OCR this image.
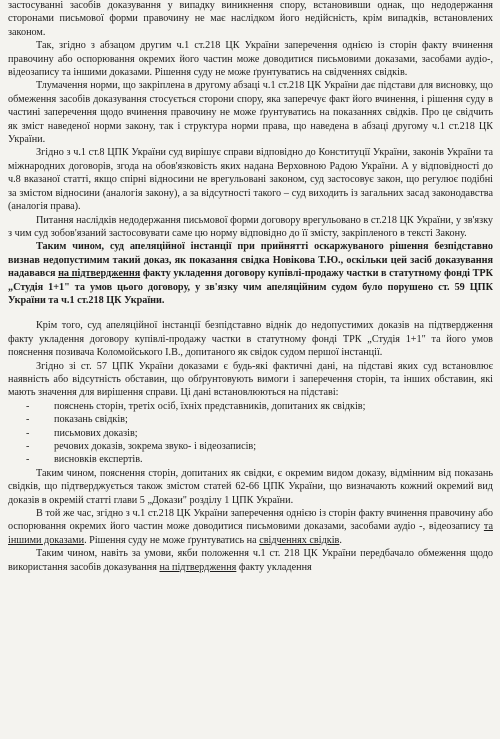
застосуванні засобів доказування у випадку виникнення спору, встановивши однак, що недодержання сторонами письмової форми правочину не має наслідком його недійсність, крім випадків, встановлених законом.

Так, згідно з абзацом другим ч.1 ст.218 ЦК України заперечення однією із сторін факту вчинення правочину або оспорювання окремих його частин може доводитися письмовими доказами, засобами аудіо-, відеозапису та іншими доказами. Рішення суду не може ґрунтуватись на свідченнях свідків.

Тлумачення норми, що закріплена в другому абзаці ч.1 ст.218 ЦК України дає підстави для висновку, що обмеження засобів доказування стосується сторони спору, яка заперечує факт його вчинення, і рішення суду в частині заперечення щодо вчинення правочину не може ґрунтуватись на показаннях свідків. Про це свідчить як зміст наведеної норми закону, так і структура норми права, що наведена в абзаці другому ч.1 ст.218 ЦК України.

Згідно з ч.1 ст.8 ЦПК України суд вирішує справи відповідно до Конституції України, законів України та міжнародних договорів, згода на обов'язковість яких надана Верховною Радою України. А у відповідності до ч.8 вказаної статті, якщо спірні відносини не врегульовані законом, суд застосовує закон, що регулює подібні за змістом відносини (аналогія закону), а за відсутності такого – суд виходить із загальних засад законодавства (аналогія права).

Питання наслідків недодержання письмової форми договору врегульовано в ст.218 ЦК України, у зв'язку з чим суд зобов'язаний застосовувати саме цю норму відповідно до її змісту, закріпленого в тексті Закону.

Таким чином, суд апеляційної інстанції при прийнятті оскаржуваного рішення безпідставно визнав недопустимим такий доказ, як показання свідка Новікова Т.Ю., оскільки цей засіб доказування надавався на підтвердження факту укладення договору купівлі-продажу частки в статутному фонді ТРК „Студія 1+1" та умов цього договору, у зв'язку чим апеляційним судом було порушено ст. 59 ЦПК України та ч.1 ст.218 ЦК України.

Крім того, суд апеляційної інстанції безпідставно віднік до недопустимих доказів на підтвердження факту укладення договору купівлі-продажу частки в статутному фонді ТРК „Студія 1+1" та його умов пояснення позивача Коломойського І.В., допитаного як свідок судом першої інстанції.

Згідно зі ст. 57 ЦПК України доказами є будь-які фактичні дані, на підставі яких суд встановлює наявність або відсутність обставин, що обґрунтовують вимоги і заперечення сторін, та інших обставин, які мають значення для вирішення справи. Ці дані встановлюються на підставі:

- пояснень сторін, третіх осіб, їхніх представників, допитаних як свідків;
- показань свідків;
- письмових доказів;
- речових доказів, зокрема звуко- і відеозаписів;
- висновків експертів.

Таким чином, пояснення сторін, допитаних як свідки, є окремим видом доказу, відмінним від показань свідків, що підтверджується також змістом статей 62-66 ЦПК України, що визначають кожний окремий вид доказів в окремій статті глави 5 „Докази" розділу 1 ЦПК України.

В той же час, згідно з ч.1 ст.218 ЦК України заперечення однією із сторін факту вчинення правочину або оспорювання окремих його частин може доводитися письмовими доказами, засобами аудіо -, відеозапису та іншими доказами. Рішення суду не може ґрунтуватись на свідченнях свідків.

Таким чином, навіть за умови, якби положення ч.1 ст. 218 ЦК України передбачало обмеження щодо використання засобів доказування на підтвердження факту укладення
